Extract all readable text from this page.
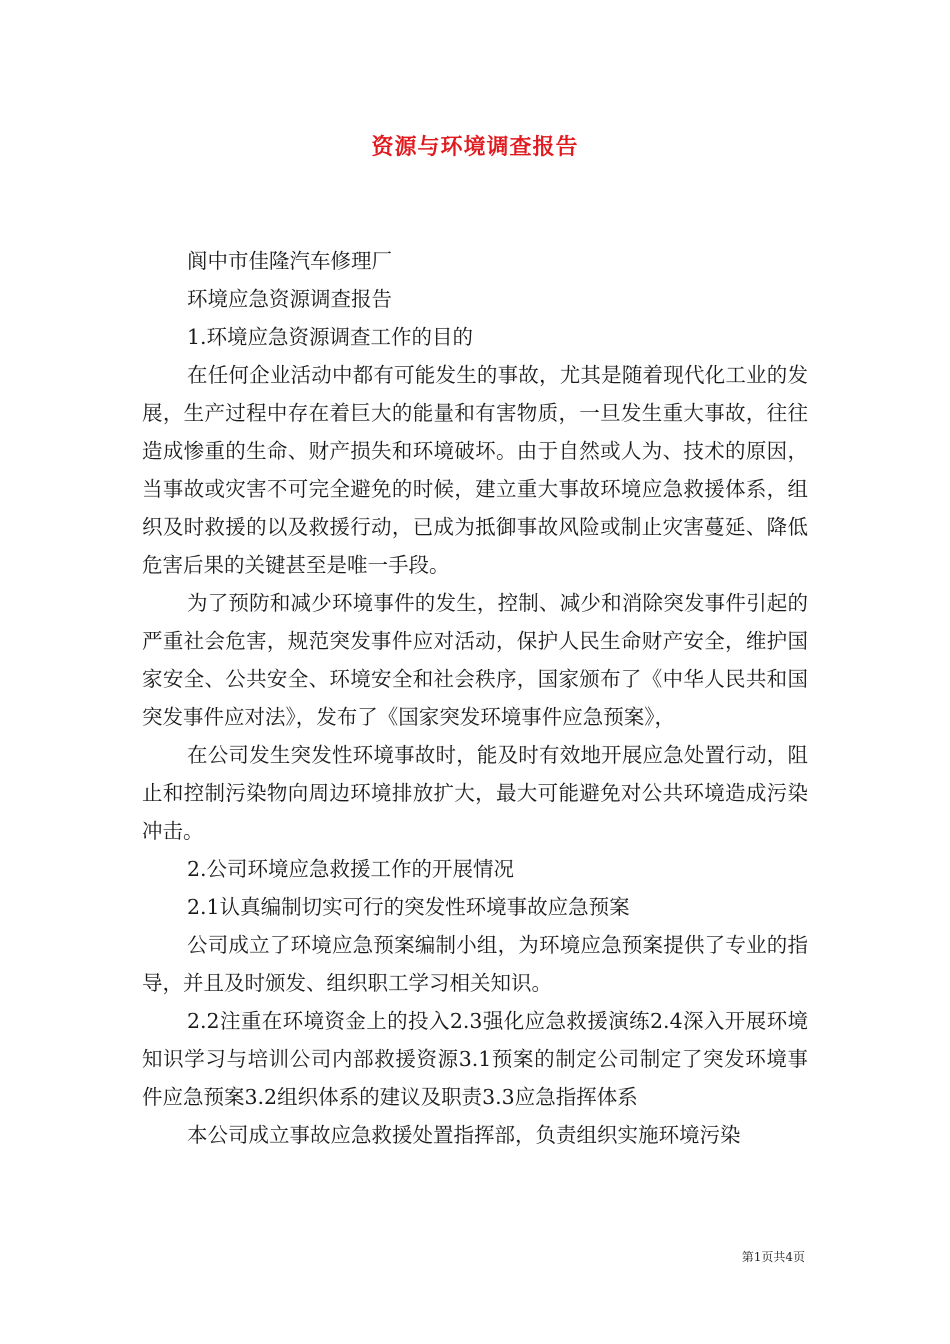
资源与环境调查报告

阆中市佳隆汽车修理厂

环境应急资源调查报告

1.环境应急资源调查工作的目的

在任何企业活动中都有可能发生的事故，尤其是随着现代化工业的发展，生产过程中存在着巨大的能量和有害物质，一旦发生重大事故，往往造成惨重的生命、财产损失和环境破坏。由于自然或人为、技术的原因，当事故或灾害不可完全避免的时候，建立重大事故环境应急救援体系，组织及时救援的以及救援行动，已成为抵御事故风险或制止灾害蔓延、降低危害后果的关键甚至是唯一手段。

为了预防和减少环境事件的发生，控制、减少和消除突发事件引起的严重社会危害，规范突发事件应对活动，保护人民生命财产安全，维护国家安全、公共安全、环境安全和社会秩序，国家颁布了《中华人民共和国突发事件应对法》，发布了《国家突发环境事件应急预案》，

在公司发生突发性环境事故时，能及时有效地开展应急处置行动，阻止和控制污染物向周边环境排放扩大，最大可能避免对公共环境造成污染冲击。

2.公司环境应急救援工作的开展情况

2.1认真编制切实可行的突发性环境事故应急预案

公司成立了环境应急预案编制小组，为环境应急预案提供了专业的指导，并且及时颁发、组织职工学习相关知识。

2.2注重在环境资金上的投入2.3强化应急救援演练2.4深入开展环境知识学习与培训公司内部救援资源3.1预案的制定公司制定了突发环境事件应急预案3.2组织体系的建议及职责3.3应急指挥体系

本公司成立事故应急救援处置指挥部，负责组织实施环境污染

第1页共4页
